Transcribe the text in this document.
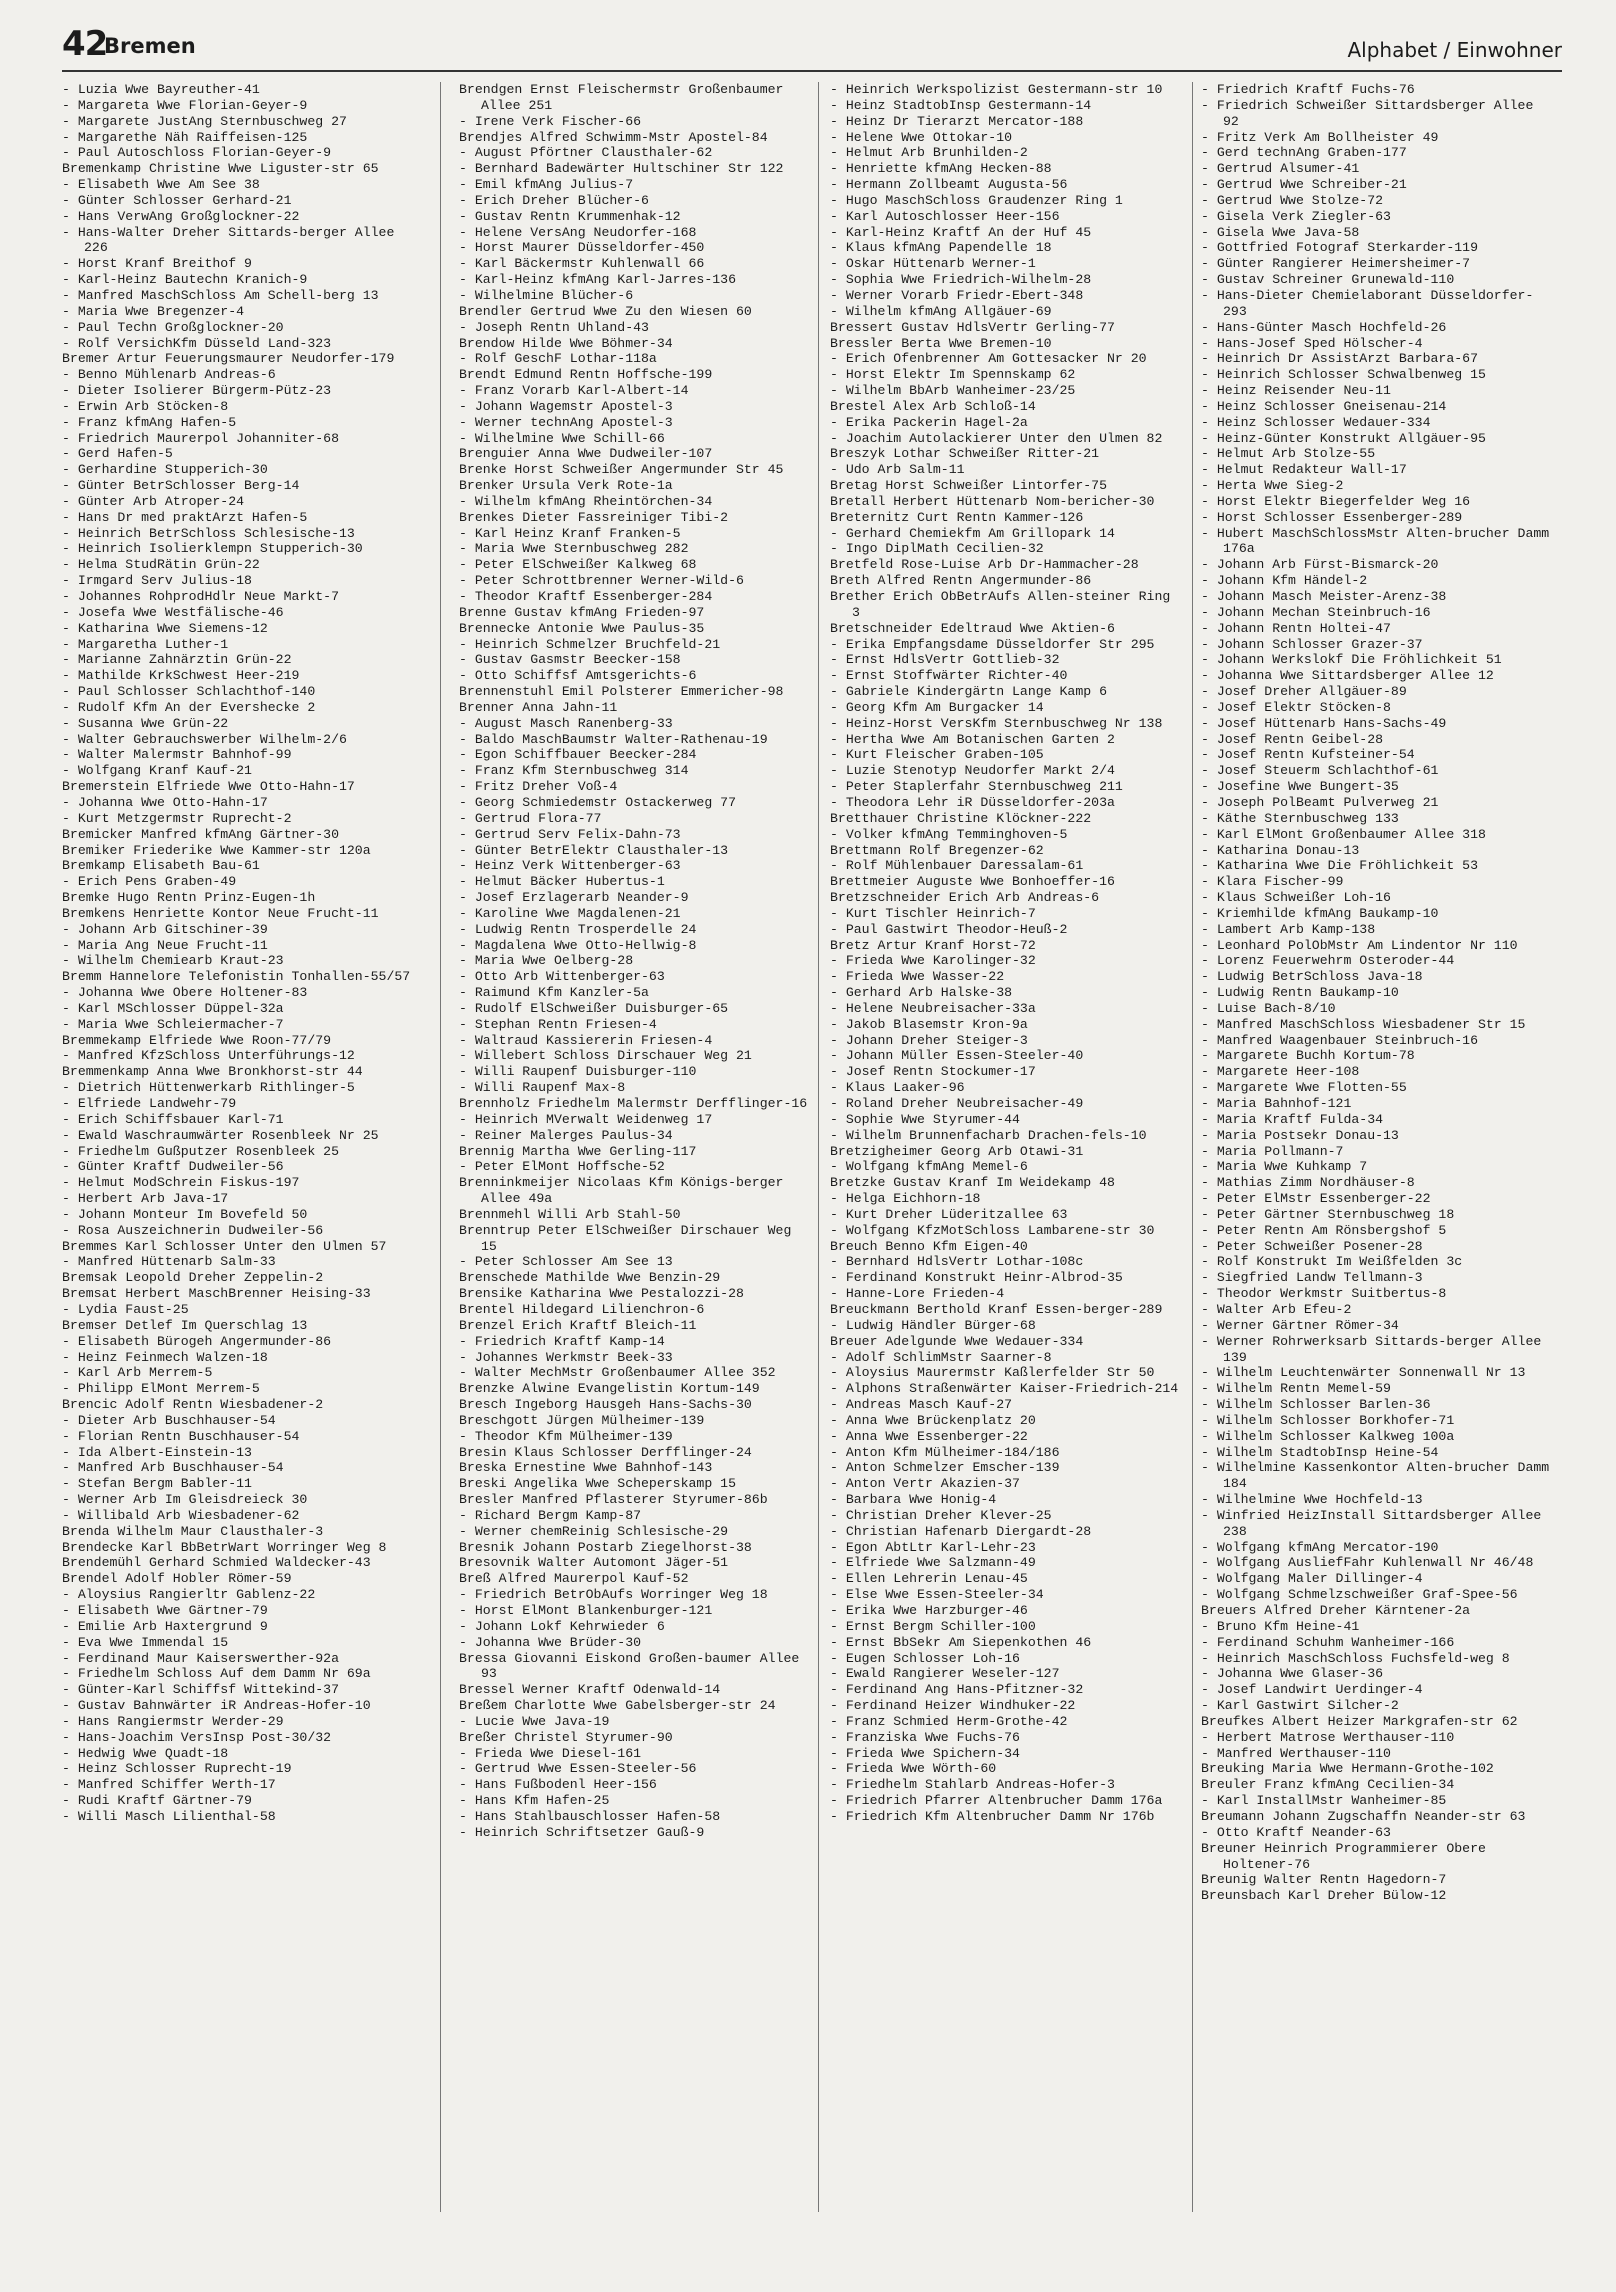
42
Bremen	Alphabet / Einwohner
- Luzia Wwe Bayreuther-41
- Margareta Wwe Florian-Geyer-9
- Margarete JustAng Sternbuschweg 27
- Margarethe Näh Raiffeisen-125
- Paul Autoschloss Florian-Geyer-9
Bremenkamp Christine Wwe Liguster-str 65
- Elisabeth Wwe Am See 38
- Günter Schlosser Gerhard-21
- Hans VerwAng Großglockner-22
- Hans-Walter Dreher Sittards-berger Allee 226
- Horst Kranf Breithof 9
- Karl-Heinz Bautechn Kranich-9
- Manfred MaschSchloss Am Schell-berg 13
- Maria Wwe Bregenzer-4
- Paul Techn Großglockner-20
- Rolf VersichKfm Düsseld Land-323
Bremer Artur Feuerungsmaurer Neudorfer-179
- Benno Mühlenarb Andreas-6
- Dieter Isolierer Bürgerm-Pütz-23
- Erwin Arb Stöcken-8
- Franz kfmAng Hafen-5
- Friedrich Maurerpol Johanniter-68
- Gerd Hafen-5
- Gerhardine Stupperich-30
- Günter BetrSchlosser Berg-14
- Günter Arb Atroper-24
- Hans Dr med praktArzt Hafen-5
- Heinrich BetrSchloss Schlesische-13
- Heinrich Isolierklempn Stupperich-30
- Helma StudRätin Grün-22
- Irmgard Serv Julius-18
- Johannes RohprodHdlr Neue Markt-7
- Josefa Wwe Westfälische-46
- Katharina Wwe Siemens-12
- Margaretha Luther-1
- Marianne Zahnärztin Grün-22
- Mathilde KrkSchwest Heer-219
- Paul Schlosser Schlachthof-140
- Rudolf Kfm An der Evershecke 2
- Susanna Wwe Grün-22
- Walter Gebrauchswerber Wilhelm-2/6
- Walter Malermstr Bahnhof-99
- Wolfgang Kranf Kauf-21
Bremerstein Elfriede Wwe Otto-Hahn-17
- Johanna Wwe Otto-Hahn-17
- Kurt Metzgermstr Ruprecht-2
Bremicker Manfred kfmAng Gärtner-30
Bremiker Friederike Wwe Kammer-str 120a
Bremkamp Elisabeth Bau-61
- Erich Pens Graben-49
Bremke Hugo Rentn Prinz-Eugen-1h
Bremkens Henriette Kontor Neue Frucht-11
- Johann Arb Gitschiner-39
- Maria Ang Neue Frucht-11
- Wilhelm Chemiearb Kraut-23
Bremm Hannelore Telefonistin Tonhallen-55/57
- Johanna Wwe Obere Holtener-83
- Karl MSchlosser Düppel-32a
- Maria Wwe Schleiermacher-7
Bremmekamp Elfriede Wwe Roon-77/79
- Manfred KfzSchloss Unterführungs-12
Bremmenkamp Anna Wwe Bronkhorst-str 44
- Dietrich Hüttenwerkarb Rithlinger-5
- Elfriede Landwehr-79
- Erich Schiffsbauer Karl-71
- Ewald Waschraumwärter Rosenbleek Nr 25
- Friedhelm Gußputzer Rosenbleek 25
- Günter Kraftf Dudweiler-56
- Helmut ModSchrein Fiskus-197
- Herbert Arb Java-17
- Johann Monteur Im Bovefeld 50
- Rosa Auszeichnerin Dudweiler-56
Bremmes Karl Schlosser Unter den Ulmen 57
- Manfred Hüttenarb Salm-33
Bremsak Leopold Dreher Zeppelin-2
Bremsat Herbert MaschBrenner Heising-33
- Lydia Faust-25
Bremser Detlef Im Querschlag 13
- Elisabeth Bürogeh Angermunder-86
- Heinz Feinmech Walzen-18
- Karl Arb Merrem-5
- Philipp ElMont Merrem-5
Brencic Adolf Rentn Wiesbadener-2
- Dieter Arb Buschhauser-54
- Florian Rentn Buschhauser-54
- Ida Albert-Einstein-13
- Manfred Arb Buschhauser-54
- Stefan Bergm Babler-11
- Werner Arb Im Gleisdreieck 30
- Willibald Arb Wiesbadener-62
Brenda Wilhelm Maur Clausthaler-3
Brendecke Karl BbBetrWart Worringer Weg 8
Brendemühl Gerhard Schmied Waldecker-43
Brendel Adolf Hobler Römer-59
- Aloysius Rangierltr Gablenz-22
- Elisabeth Wwe Gärtner-79
- Emilie Arb Haxtergrund 9
- Eva Wwe Immendal 15
- Ferdinand Maur Kaiserswerther-92a
- Friedhelm Schloss Auf dem Damm Nr 69a
- Günter-Karl Schiffsf Wittekind-37
- Gustav Bahnwärter iR Andreas-Hofer-10
- Hans Rangiermstr Werder-29
- Hans-Joachim VersInsp Post-30/32
- Hedwig Wwe Quadt-18
- Heinz Schlosser Ruprecht-19
- Manfred Schiffer Werth-17
- Rudi Kraftf Gärtner-79
- Willi Masch Lilienthal-58
Brendgen Ernst Fleischermstr Großenbaumer Allee 251
- Irene Verk Fischer-66
Brendjes Alfred Schwimm-Mstr Apostel-84
- August Pförtner Clausthaler-62
- Bernhard Badewärter Hultschiner Str 122
- Emil kfmAng Julius-7
- Erich Dreher Blücher-6
- Gustav Rentn Krummenhak-12
- Helene VersAng Neudorfer-168
- Horst Maurer Düsseldorfer-450
- Karl Bäckermstr Kuhlenwall 66
- Karl-Heinz kfmAng Karl-Jarres-136
- Wilhelmine Blücher-6
Brendler Gertrud Wwe Zu den Wiesen 60
- Joseph Rentn Uhland-43
Brendow Hilde Wwe Böhmer-34
- Rolf GeschF Lothar-118a
Brendt Edmund Rentn Hoffsche-199
- Franz Vorarb Karl-Albert-14
- Johann Wagemstr Apostel-3
- Werner technAng Apostel-3
- Wilhelmine Wwe Schill-66
Brenguier Anna Wwe Dudweiler-107
Brenke Horst Schweißer Angermunder Str 45
Brenker Ursula Verk Rote-1a
- Wilhelm kfmAng Rheintörchen-34
Brenkes Dieter Fassreiniger Tibi-2
- Karl Heinz Kranf Franken-5
- Maria Wwe Sternbuschweg 282
- Peter ElSchweißer Kalkweg 68
- Peter Schrottbrenner Werner-Wild-6
- Theodor Kraftf Essenberger-284
Brenne Gustav kfmAng Frieden-97
Brennecke Antonie Wwe Paulus-35
- Heinrich Schmelzer Bruchfeld-21
- Gustav Gasmstr Beecker-158
- Otto Schiffsf Amtsgerichts-6
Brennenstuhl Emil Polsterer Emmericher-98
Brenner Anna Jahn-11
- August Masch Ranenberg-33
- Baldo MaschBaumstr Walter-Rathenau-19
- Egon Schiffbauer Beecker-284
- Franz Kfm Sternbuschweg 314
- Fritz Dreher Voß-4
- Georg Schmiedemstr Ostackerweg 77
- Gertrud Flora-77
- Gertrud Serv Felix-Dahn-73
- Günter BetrElektr Clausthaler-13
- Heinz Verk Wittenberger-63
- Helmut Bäcker Hubertus-1
- Josef Erzlagerarb Neander-9
- Karoline Wwe Magdalenen-21
- Ludwig Rentn Trosperdelle 24
- Magdalena Wwe Otto-Hellwig-8
- Maria Wwe Oelberg-28
- Otto Arb Wittenberger-63
- Raimund Kfm Kanzler-5a
- Rudolf ElSchweißer Duisburger-65
- Stephan Rentn Friesen-4
- Waltraud Kassiererin Friesen-4
- Willebert Schloss Dirschauer Weg 21
- Willi Raupenf Duisburger-110
- Willi Raupenf Max-8
Brennholz Friedhelm Malermstr Derfflinger-16
- Heinrich MVerwalt Weidenweg 17
- Reiner Malerges Paulus-34
Brennig Martha Wwe Gerling-117
- Peter ElMont Hoffsche-52
Brenninkmeijer Nicolaas Kfm Königs-berger Allee 49a
Brennmehl Willi Arb Stahl-50
Brenntrup Peter ElSchweißer Dirschauer Weg 15
- Peter Schlosser Am See 13
Brenschede Mathilde Wwe Benzin-29
Brensike Katharina Wwe Pestalozzi-28
Brentel Hildegard Lilienchron-6
Brenzel Erich Kraftf Bleich-11
- Friedrich Kraftf Kamp-14
- Johannes Werkmstr Beek-33
- Walter MechMstr Großenbaumer Allee 352
Brenzke Alwine Evangelistin Kortum-149
Bresch Ingeborg Hausgeh Hans-Sachs-30
Breschgott Jürgen Mülheimer-139
- Theodor Kfm Mülheimer-139
Bresin Klaus Schlosser Derfflinger-24
Breska Ernestine Wwe Bahnhof-143
Breski Angelika Wwe Scheperskamp 15
Bresler Manfred Pflasterer Styrumer-86b
- Richard Bergm Kamp-87
- Werner chemReinig Schlesische-29
Bresnik Johann Postarb Ziegelhorst-38
Bresovnik Walter Automont Jäger-51
Breß Alfred Maurerpol Kauf-52
- Friedrich BetrObAufs Worringer Weg 18
- Horst ElMont Blankenburger-121
- Johann Lokf Kehrwieder 6
- Johanna Wwe Brüder-30
Bressa Giovanni Eiskond Großen-baumer Allee 93
Bressel Werner Kraftf Odenwald-14
Breßem Charlotte Wwe Gabelsberger-str 24
- Lucie Wwe Java-19
Breßer Christel Styrumer-90
- Frieda Wwe Diesel-161
- Gertrud Wwe Essen-Steeler-56
- Hans Fußbodenl Heer-156
- Hans Kfm Hafen-25
- Hans Stahlbauschlosser Hafen-58
- Heinrich Schriftsetzer Gauß-9
- Heinrich Werkspolizist Gestermann-str 10
- Heinz StadtobInsp Gestermann-14
- Heinz Dr Tierarzt Mercator-188
- Helene Wwe Ottokar-10
- Helmut Arb Brunhilden-2
- Henriette kfmAng Hecken-88
- Hermann Zollbeamt Augusta-56
- Hugo MaschSchloss Graudenzer Ring 1
- Karl Autoschlosser Heer-156
- Karl-Heinz Kraftf An der Huf 45
- Klaus kfmAng Papendelle 18
- Oskar Hüttenarb Werner-1
- Sophia Wwe Friedrich-Wilhelm-28
- Werner Vorarb Friedr-Ebert-348
- Wilhelm kfmAng Allgäuer-69
Bressert Gustav HdlsVertr Gerling-77
Bressler Berta Wwe Bremen-10
- Erich Ofenbrenner Am Gottesacker Nr 20
- Horst Elektr Im Spennskamp 62
- Wilhelm BbArb Wanheimer-23/25
Brestel Alex Arb Schloß-14
- Erika Packerin Hagel-2a
- Joachim Autolackierer Unter den Ulmen 82
Breszyk Lothar Schweißer Ritter-21
- Udo Arb Salm-11
Bretag Horst Schweißer Lintorfer-75
Bretall Herbert Hüttenarb Nom-bericher-30
Breternitz Curt Rentn Kammer-126
- Gerhard Chemiekfm Am Grillopark 14
- Ingo DiplMath Cecilien-32
Bretfeld Rose-Luise Arb Dr-Hammacher-28
Breth Alfred Rentn Angermunder-86
Brether Erich ObBetrAufs Allen-steiner Ring 3
Bretschneider Edeltraud Wwe Aktien-6
- Erika Empfangsdame Düsseldorfer Str 295
- Ernst HdlsVertr Gottlieb-32
- Ernst Stoffwärter Richter-40
- Gabriele Kindergärtn Lange Kamp 6
- Georg Kfm Am Burgacker 14
- Heinz-Horst VersKfm Sternbuschweg Nr 138
- Hertha Wwe Am Botanischen Garten 2
- Kurt Fleischer Graben-105
- Luzie Stenotyp Neudorfer Markt 2/4
- Peter Staplerfahr Sternbuschweg 211
- Theodora Lehr iR Düsseldorfer-203a
Bretthauer Christine Klöckner-222
- Volker kfmAng Temminghoven-5
Brettmann Rolf Bregenzer-62
- Rolf Mühlenbauer Daressalam-61
Brettmeier Auguste Wwe Bonhoeffer-16
Bretzschneider Erich Arb Andreas-6
- Kurt Tischler Heinrich-7
- Paul Gastwirt Theodor-Heuß-2
Bretz Artur Kranf Horst-72
- Frieda Wwe Karolinger-32
- Frieda Wwe Wasser-22
- Gerhard Arb Halske-38
- Helene Neubreisacher-33a
- Jakob Blasemstr Kron-9a
- Johann Dreher Steiger-3
- Johann Müller Essen-Steeler-40
- Josef Rentn Stockumer-17
- Klaus Laaker-96
- Roland Dreher Neubreisacher-49
- Sophie Wwe Styrumer-44
- Wilhelm Brunnenfacharb Drachen-fels-10
Bretzigheimer Georg Arb Otawi-31
- Wolfgang kfmAng Memel-6
Bretzke Gustav Kranf Im Weidekamp 48
- Helga Eichhorn-18
- Kurt Dreher Lüderitzallee 63
- Wolfgang KfzMotSchloss Lambarene-str 30
Breuch Benno Kfm Eigen-40
- Bernhard HdlsVertr Lothar-108c
- Ferdinand Konstrukt Heinr-Albrod-35
- Hanne-Lore Frieden-4
Breuckmann Berthold Kranf Essen-berger-289
- Ludwig Händler Bürger-68
Breuer Adelgunde Wwe Wedauer-334
- Adolf SchlimMstr Saarner-8
- Aloysius Maurermstr Kaßlerfelder Str 50
- Alphons Straßenwärter Kaiser-Friedrich-214
- Andreas Masch Kauf-27
- Anna Wwe Brückenplatz 20
- Anna Wwe Essenberger-22
- Anton Kfm Mülheimer-184/186
- Anton Schmelzer Emscher-139
- Anton Vertr Akazien-37
- Barbara Wwe Honig-4
- Christian Dreher Klever-25
- Christian Hafenarb Diergardt-28
- Egon AbtLtr Karl-Lehr-23
- Elfriede Wwe Salzmann-49
- Ellen Lehrerin Lenau-45
- Else Wwe Essen-Steeler-34
- Erika Wwe Harzburger-46
- Ernst Bergm Schiller-100
- Ernst BbSekr Am Siepenkothen 46
- Eugen Schlosser Loh-16
- Ewald Rangierer Weseler-127
- Ferdinand Ang Hans-Pfitzner-32
- Ferdinand Heizer Windhuker-22
- Franz Schmied Herm-Grothe-42
- Franziska Wwe Fuchs-76
- Frieda Wwe Spichern-34
- Frieda Wwe Wörth-60
- Friedhelm Stahlarb Andreas-Hofer-3
- Friedrich Pfarrer Altenbrucher Damm 176a
- Friedrich Kfm Altenbrucher Damm Nr 176b
- Friedrich Kraftf Fuchs-76
- Friedrich Schweißer Sittardsberger Allee 92
- Fritz Verk Am Bollheister 49
- Gerd technAng Graben-177
- Gertrud Alsumer-41
- Gertrud Wwe Schreiber-21
- Gertrud Wwe Stolze-72
- Gisela Verk Ziegler-63
- Gisela Wwe Java-58
- Gottfried Fotograf Sterkarder-119
- Günter Rangierer Heimersheimer-7
- Gustav Schreiner Grunewald-110
- Hans-Dieter Chemielaborant Düsseldorfer-293
- Hans-Günter Masch Hochfeld-26
- Hans-Josef Sped Hölscher-4
- Heinrich Dr AssistArzt Barbara-67
- Heinrich Schlosser Schwalbenweg 15
- Heinz Reisender Neu-11
- Heinz Schlosser Gneisenau-214
- Heinz Schlosser Wedauer-334
- Heinz-Günter Konstrukt Allgäuer-95
- Helmut Arb Stolze-55
- Helmut Redakteur Wall-17
- Herta Wwe Sieg-2
- Horst Elektr Biegerfelder Weg 16
- Horst Schlosser Essenberger-289
- Hubert MaschSchlossMstr Alten-brucher Damm 176a
- Johann Arb Fürst-Bismarck-20
- Johann Kfm Händel-2
- Johann Masch Meister-Arenz-38
- Johann Mechan Steinbruch-16
- Johann Rentn Holtei-47
- Johann Schlosser Grazer-37
- Johann Werkslokf Die Fröhlichkeit 51
- Johanna Wwe Sittardsberger Allee 12
- Josef Dreher Allgäuer-89
- Josef Elektr Stöcken-8
- Josef Hüttenarb Hans-Sachs-49
- Josef Rentn Geibel-28
- Josef Rentn Kufsteiner-54
- Josef Steuerm Schlachthof-61
- Josefine Wwe Bungert-35
- Joseph PolBeamt Pulverweg 21
- Käthe Sternbuschweg 133
- Karl ElMont Großenbaumer Allee 318
- Katharina Donau-13
- Katharina Wwe Die Fröhlichkeit 53
- Klara Fischer-99
- Klaus Schweißer Loh-16
- Kriemhilde kfmAng Baukamp-10
- Lambert Arb Kamp-138
- Leonhard PolObMstr Am Lindentor Nr 110
- Lorenz Feuerwehrm Osteroder-44
- Ludwig BetrSchloss Java-18
- Ludwig Rentn Baukamp-10
- Luise Bach-8/10
- Manfred MaschSchloss Wiesbadener Str 15
- Manfred Waagenbauer Steinbruch-16
- Margarete Buchh Kortum-78
- Margarete Heer-108
- Margarete Wwe Flotten-55
- Maria Bahnhof-121
- Maria Kraftf Fulda-34
- Maria Postsekr Donau-13
- Maria Pollmann-7
- Maria Wwe Kuhkamp 7
- Mathias Zimm Nordhäuser-8
- Peter ElMstr Essenberger-22
- Peter Gärtner Sternbuschweg 18
- Peter Rentn Am Rönsbergshof 5
- Peter Schweißer Posener-28
- Rolf Konstrukt Im Weißfelden 3c
- Siegfried Landw Tellmann-3
- Theodor Werkmstr Suitbertus-8
- Walter Arb Efeu-2
- Werner Gärtner Römer-34
- Werner Rohrwerksarb Sittards-berger Allee 139
- Wilhelm Leuchtenwärter Sonnenwall Nr 13
- Wilhelm Rentn Memel-59
- Wilhelm Schlosser Barlen-36
- Wilhelm Schlosser Borkhofer-71
- Wilhelm Schlosser Kalkweg 100a
- Wilhelm StadtobInsp Heine-54
- Wilhelmine Kassenkontor Alten-brucher Damm 184
- Wilhelmine Wwe Hochfeld-13
- Winfried HeizInstall Sittardsberger Allee 238
- Wolfgang kfmAng Mercator-190
- Wolfgang AusliefFahr Kuhlenwall Nr 46/48
- Wolfgang Maler Dillinger-4
- Wolfgang Schmelzschweißer Graf-Spee-56
Breuers Alfred Dreher Kärntener-2a
- Bruno Kfm Heine-41
- Ferdinand Schuhm Wanheimer-166
- Heinrich MaschSchloss Fuchsfeld-weg 8
- Johanna Wwe Glaser-36
- Josef Landwirt Uerdinger-4
- Karl Gastwirt Silcher-2
Breufkes Albert Heizer Markgrafen-str 62
- Herbert Matrose Werthauser-110
- Manfred Werthauser-110
Breuking Maria Wwe Hermann-Grothe-102
Breuler Franz kfmAng Cecilien-34
- Karl InstallMstr Wanheimer-85
Breumann Johann Zugschaffn Neander-str 63
- Otto Kraftf Neander-63
Breuner Heinrich Programmierer Obere Holtener-76
Breunig Walter Rentn Hagedorn-7
Breunsbach Karl Dreher Bülow-12
